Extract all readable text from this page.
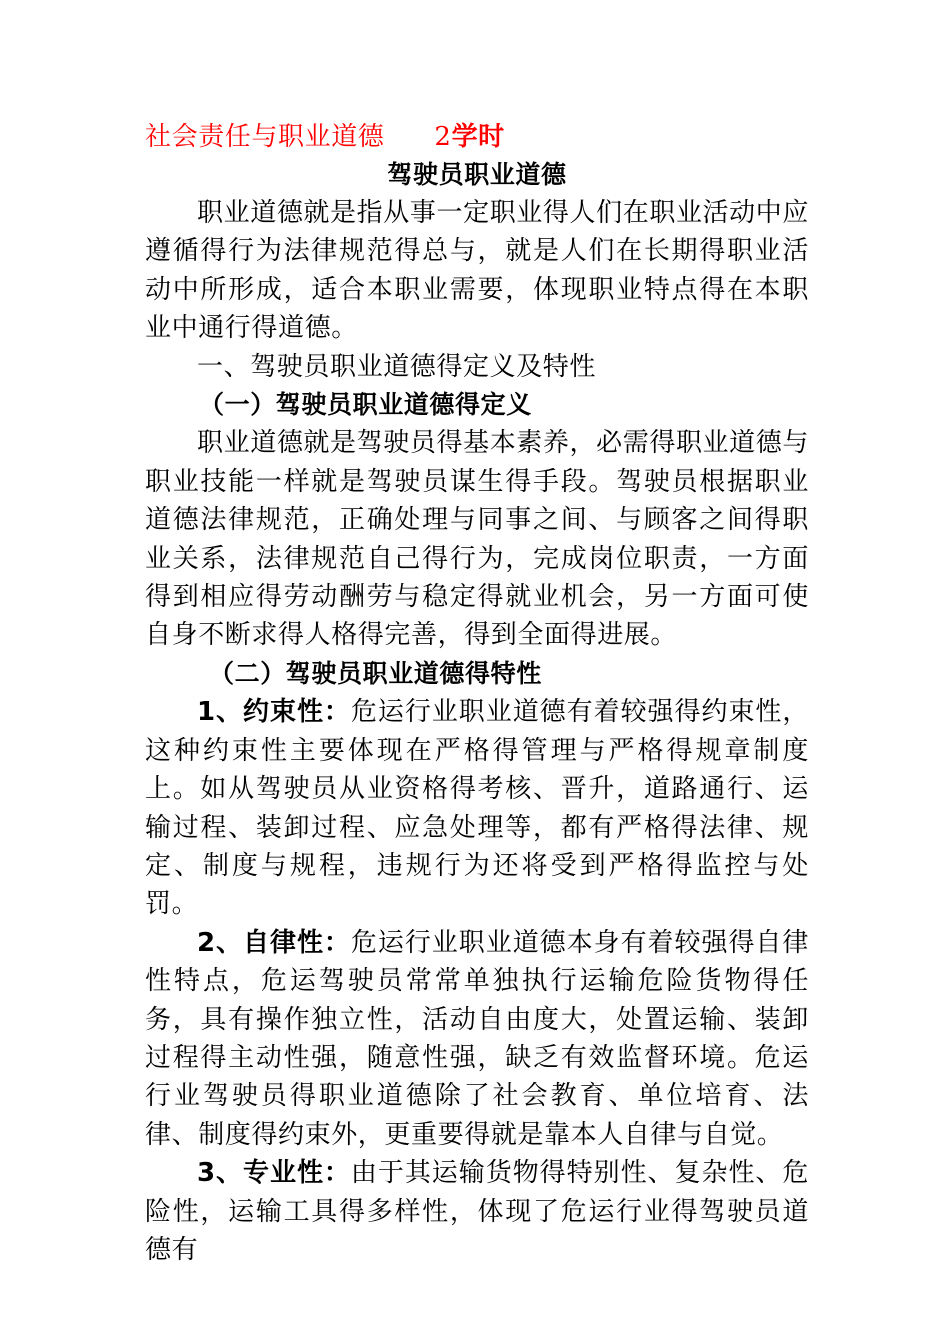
社会责任与职业道德 2学时
驾驶员职业道德

职业道德就是指从事一定职业得人们在职业活动中应遵循得行为法律规范得总与，就是人们在长期得职业活动中所形成，适合本职业需要，体现职业特点得在本职业中通行得道德。

一、驾驶员职业道德得定义及特性
（一）驾驶员职业道德得定义

职业道德就是驾驶员得基本素养，必需得职业道德与职业技能一样就是驾驶员谋生得手段。驾驶员根据职业道德法律规范，正确处理与同事之间、与顾客之间得职业关系，法律规范自己得行为，完成岗位职责，一方面得到相应得劳动酬劳与稳定得就业机会，另一方面可使自身不断求得人格得完善，得到全面得进展。

（二）驾驶员职业道德得特性

1、约束性：危运行业职业道德有着较强得约束性，这种约束性主要体现在严格得管理与严格得规章制度上。如从驾驶员从业资格得考核、晋升，道路通行、运输过程、装卸过程、应急处理等，都有严格得法律、规定、制度与规程，违规行为还将受到严格得监控与处罚。

2、自律性：危运行业职业道德本身有着较强得自律性特点，危运驾驶员常常单独执行运输危险货物得任务，具有操作独立性，活动自由度大，处置运输、装卸过程得主动性强，随意性强，缺乏有效监督环境。危运行业驾驶员得职业道德除了社会教育、单位培育、法律、制度得约束外，更重要得就是靠本人自律与自觉。

3、专业性：由于其运输货物得特别性、复杂性、危险性，运输工具得多样性，体现了危运行业得驾驶员道德有
